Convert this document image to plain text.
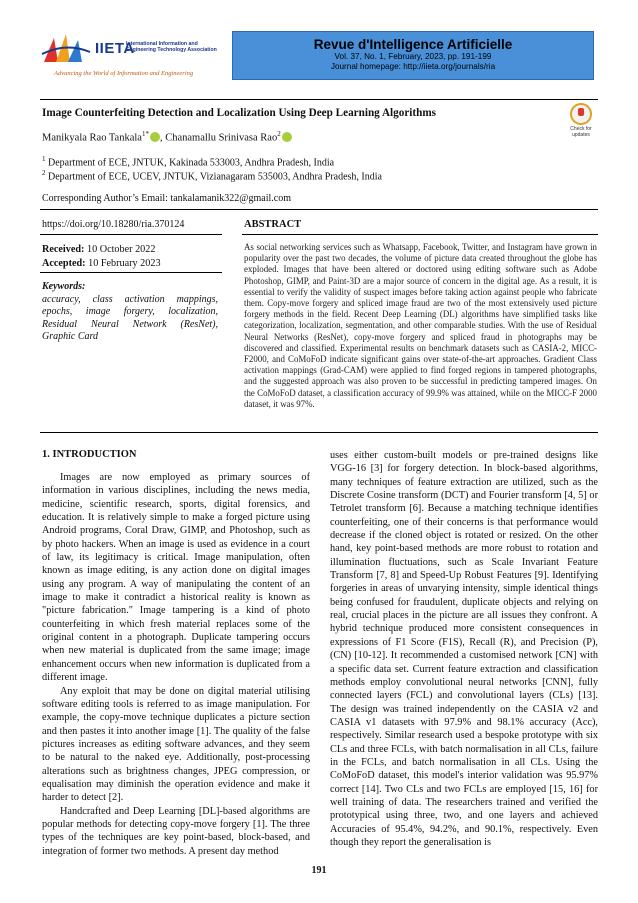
IIETA
International Information and
Engineering Technology Association
Advancing the World of Information and Engineering
Revue d'Intelligence Artificielle
Vol. 37, No. 1, February, 2023, pp. 191-199
Journal homepage: http://iieta.org/journals/ria
Check for
updates
Image Counterfeiting Detection and Localization Using Deep Learning Algorithms
Manikyala Rao Tankala$^{1*}$ , Chanamallu Srinivasa Rao$^2$
$^1$ Department of ECE, JNTUK, Kakinada 533003, Andhra Pradesh, India
$^2$ Department of ECE, UCEV, JNTUK, Vizianagaram 535003, Andhra Pradesh, India
Corresponding Author’s Email: tankalamanik322@gmail.com
https://doi.org/10.18280/ria.370124	ABSTRACT
Received: 10 October 2022
Accepted: 10 February 2023
Keywords:
accuracy, class activation mappings, epochs, image forgery, localization, Residual Neural Network (ResNet), Graphic Card
As social networking services such as Whatsapp, Facebook, Twitter, and Instagram have grown in popularity over the past two decades, the volume of picture data created throughout the globe has exploded. Images that have been altered or doctored using editing software such as Adobe Photoshop, GIMP, and Paint-3D are a major source of concern in the digital age. As a result, it is essential to verify the validity of suspect images before taking action against people who fabricate them. Copy-move forgery and spliced image fraud are two of the most extensively used picture forgery methods in the field. Recent Deep Learning (DL) algorithms have simplified tasks like categorization, localization, segmentation, and other comparable studies. With the use of Residual Neural Networks (ResNet), copy-move forgery and spliced fraud in photographs may be discovered and classified. Experimental results on benchmark datasets such as CASIA-2, MICC-F2000, and CoMoFoD indicate significant gains over state-of-the-art approaches. Gradient Class activation mappings (Grad-CAM) were applied to find forged regions in tampered photographs, and the suggested approach was also proven to be successful in predicting tampered images. On the CoMoFoD dataset, a classification accuracy of 99.9% was attained, while on the MICC-F 2000 dataset, it was 97%.
1. INTRODUCTION

Images are now employed as primary sources of information in various disciplines, including the news media, medicine, scientific research, sports, digital forensics, and education. It is relatively simple to make a forged picture using Android programs, Coral Draw, GIMP, and Photoshop, such as by photo hackers. When an image is used as evidence in a court of law, its legitimacy is critical. Image manipulation, often known as image editing, is any action done on digital images using any program. A way of manipulating the content of an image to make it contradict a historical reality is known as "picture fabrication." Image tampering is a kind of photo counterfeiting in which fresh material replaces some of the original content in a photograph. Duplicate tampering occurs when new material is duplicated from the same image; image enhancement occurs when new information is duplicated from a different image.

Any exploit that may be done on digital material utilising software editing tools is referred to as image manipulation. For example, the copy-move technique duplicates a picture section and then pastes it into another image [1]. The quality of the false pictures increases as editing software advances, and they seem to be natural to the naked eye. Additionally, post-processing alterations such as brightness changes, JPEG compression, or equalisation may diminish the operation evidence and make it harder to detect [2].

Handcrafted and Deep Learning [DL]-based algorithms are popular methods for detecting copy-move forgery [1]. The three types of the techniques are key point-based, block-based, and integration of former two methods. A present day method

uses either custom-built models or pre-trained designs like VGG-16 [3] for forgery detection. In block-based algorithms, many techniques of feature extraction are utilized, such as the Discrete Cosine transform (DCT) and Fourier transform [4, 5] or Tetrolet transform [6]. Because a matching technique identifies counterfeiting, one of their concerns is that performance would decrease if the cloned object is rotated or resized. On the other hand, key point-based methods are more robust to rotation and illumination fluctuations, such as Scale Invariant Feature Transform [7, 8] and Speed-Up Robust Features [9]. Identifying forgeries in areas of unvarying intensity, simple identical things being confused for fraudulent, duplicate objects and relying on real, crucial places in the picture are all issues they confront. A hybrid technique produced more consistent consequences in expressions of F1 Score (F1S), Recall (R), and Precision (P), (CN) [10-12]. It recommended a customised network [CN] with a specific data set. Current feature extraction and classification methods employ convolutional neural networks [CNN], fully connected layers (FCL) and convolutional layers (CLs) [13]. The design was trained independently on the CASIA v2 and CASIA v1 datasets with 97.9% and 98.1% accuracy (Acc), respectively. Similar research used a bespoke prototype with six CLs and three FCLs, with batch normalisation in all CLs, failure in the FCLs, and batch normalisation in all CLs. Using the CoMoFoD dataset, this model's interior validation was 95.97% correct [14]. Two CLs and two FCLs are employed [15, 16] for well training of data. The researchers trained and verified the prototypical using three, two, and one layers and achieved Accuracies of 95.4%, 94.2%, and 90.1%, respectively. Even though they report the generalisation is

191
